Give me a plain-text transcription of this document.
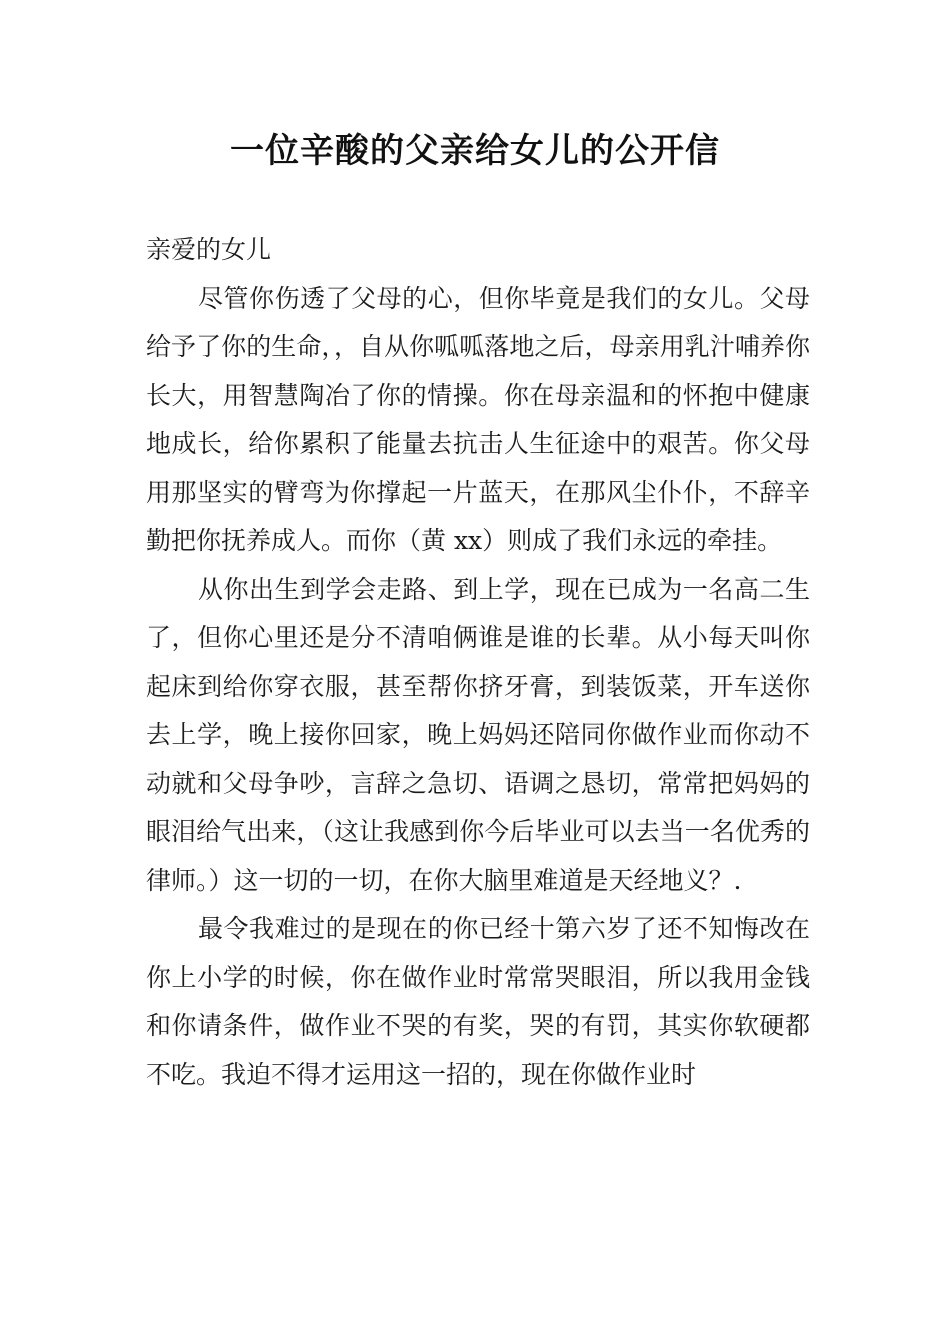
一位辛酸的父亲给女儿的公开信

亲爱的女儿

尽管你伤透了父母的心，但你毕竟是我们的女儿。父母给予了你的生命，，自从你呱呱落地之后，母亲用乳汁哺养你长大，用智慧陶冶了你的情操。你在母亲温和的怀抱中健康地成长，给你累积了能量去抗击人生征途中的艰苦。你父母用那坚实的臂弯为你撑起一片蓝天，在那风尘仆仆，不辞辛勤把你抚养成人。而你（黄 xx）则成了我们永远的牵挂。

从你出生到学会走路、到上学，现在已成为一名高二生了，但你心里还是分不清咱俩谁是谁的长辈。从小每天叫你起床到给你穿衣服，甚至帮你挤牙膏，到装饭菜，开车送你去上学，晚上接你回家，晚上妈妈还陪同你做作业而你动不动就和父母争吵，言辞之急切、语调之恳切，常常把妈妈的眼泪给气出来，（这让我感到你今后毕业可以去当一名优秀的律师。）这一切的一切，在你大脑里难道是天经地义？.

最令我难过的是现在的你已经十第六岁了还不知悔改在你上小学的时候，你在做作业时常常哭眼泪，所以我用金钱和你请条件，做作业不哭的有奖，哭的有罚，其实你软硬都不吃。我迫不得才运用这一招的，现在你做作业时
